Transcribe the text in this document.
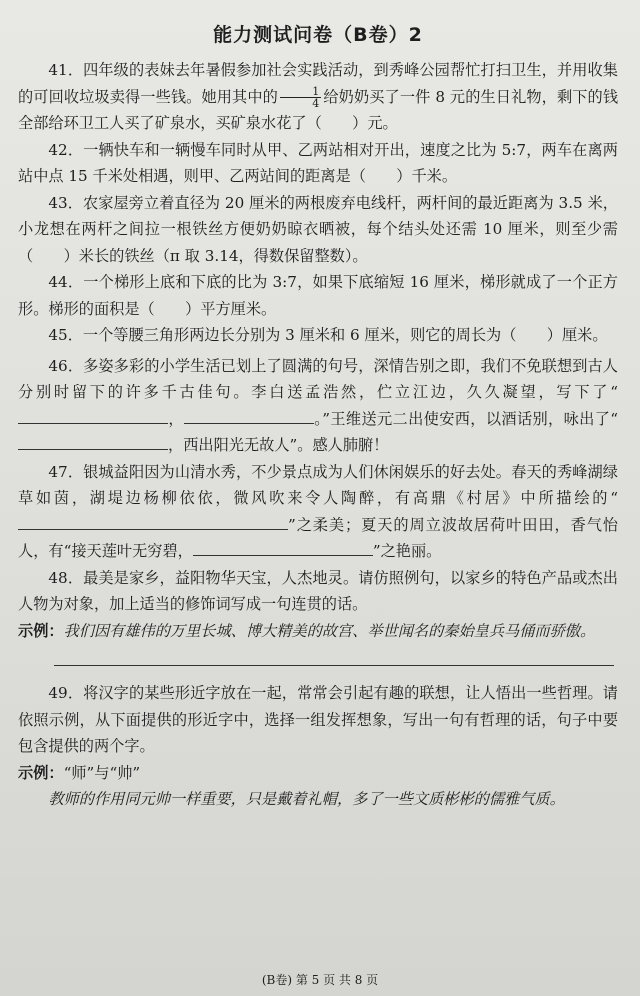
能力测试问卷（B卷）2

41．四年级的表妹去年暑假参加社会实践活动，到秀峰公园帮忙打扫卫生，并用收集的可回收垃圾卖得一些钱。她用其中的 $\frac{1}{4}$ 给奶奶买了一件 8 元的生日礼物，剩下的钱全部给环卫工人买了矿泉水，买矿泉水花了（　　）元。

42．一辆快车和一辆慢车同时从甲、乙两站相对开出，速度之比为 5:7，两车在离两站中点 15 千米处相遇，则甲、乙两站间的距离是（　　）千米。

43．农家屋旁立着直径为 20 厘米的两根废弃电线杆，两杆间的最近距离为 3.5 米，小龙想在两杆之间拉一根铁丝方便奶奶晾衣晒被，每个结头处还需 10 厘米，则至少需（　　）米长的铁丝（π 取 3.14，得数保留整数）。

44．一个梯形上底和下底的比为 3:7，如果下底缩短 16 厘米，梯形就成了一个正方形。梯形的面积是（　　）平方厘米。

45．一个等腰三角形两边长分别为 3 厘米和 6 厘米，则它的周长为（　　）厘米。

46．多姿多彩的小学生活已划上了圆满的句号，深情告别之即，我们不免联想到古人分别时留下的许多千古佳句。李白送孟浩然，伫立江边，久久凝望，写下了“，	。”王维送元二出使安西，以酒话别，咏出了“，西出阳光无故人”。感人肺腑！

47．银城益阳因为山清水秀，不少景点成为人们休闲娱乐的好去处。春天的秀峰湖绿草如茵，湖堤边杨柳依依，微风吹来令人陶醉，有高鼎《村居》中所描绘的“”之柔美；夏天的周立波故居荷叶田田，香气怡人，有“接天莲叶无穷碧，	”之艳丽。

48．最美是家乡，益阳物华天宝，人杰地灵。请仿照例句，以家乡的特色产品或杰出人物为对象，加上适当的修饰词写成一句连贯的话。

示例：我们因有雄伟的万里长城、博大精美的故宫、举世闻名的秦始皇兵马俑而骄傲。

49．将汉字的某些形近字放在一起，常常会引起有趣的联想，让人悟出一些哲理。请依照示例，从下面提供的形近字中，选择一组发挥想象，写出一句有哲理的话，句子中要包含提供的两个字。

示例：“师”与“帅”

教师的作用同元帅一样重要，只是戴着礼帽，多了一些文质彬彬的儒雅气质。

(B卷) 第 5 页 共 8 页
